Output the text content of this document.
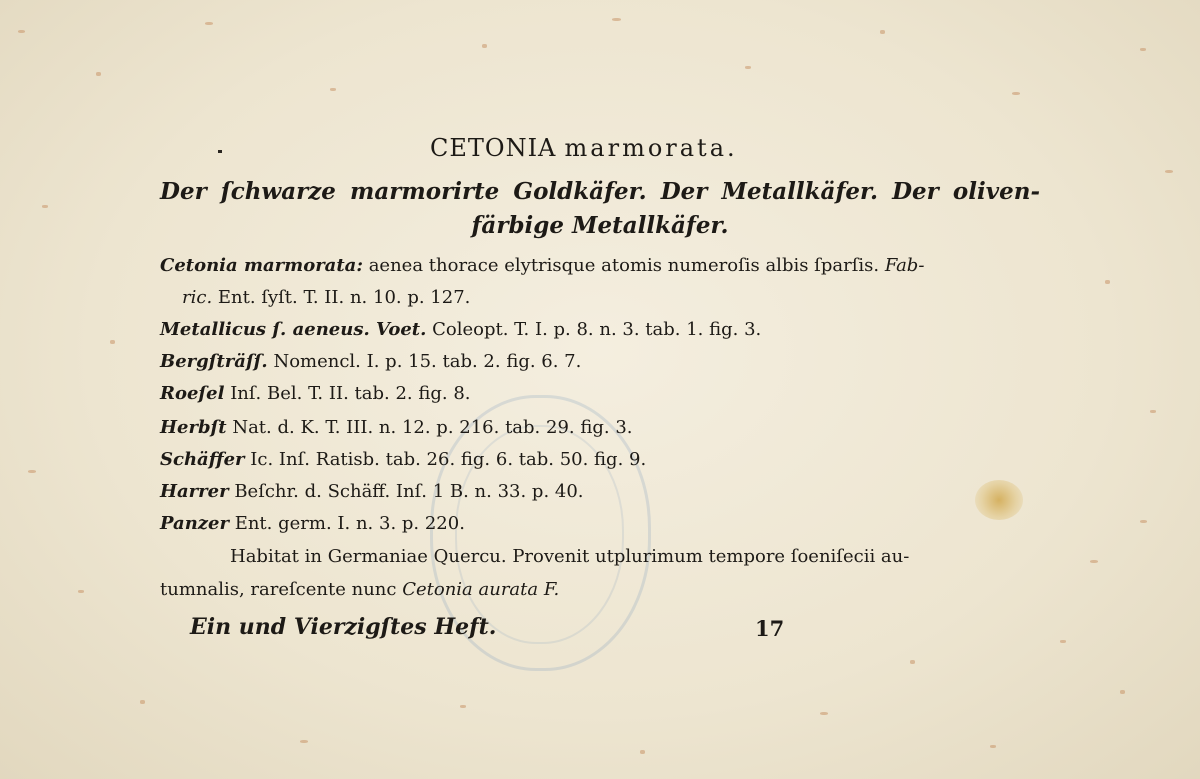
CETONIA marmorata.
Der ſchwarze marmorirte Goldkäfer. Der Metallkäfer. Der oliven-färbige Metallkäfer.
Cetonia marmorata: aenea thorace elytrisque atomis numeroſis albis ſparſis. Fab-
ric. Ent. ſyſt. T. II. n. 10. p. 127.
Metallicus ſ. aeneus. Voet. Coleopt. T. I. p. 8. n. 3. tab. 1. fig. 3.
Bergſträſſ. Nomencl. I. p. 15. tab. 2. fig. 6. 7.
Roeſel Inſ. Bel. T. II. tab. 2. fig. 8.
Herbſt Nat. d. K. T. III. n. 12. p. 216. tab. 29. fig. 3.
Schäffer Ic. Inſ. Ratisb. tab. 26. fig. 6. tab. 50. fig. 9.
Harrer Beſchr. d. Schäff. Inſ. 1 B. n. 33. p. 40.
Panzer Ent. germ. I. n. 3. p. 220.
Habitat in Germaniae Quercu. Provenit utplurimum tempore ſoeniſecii au-
tumnalis, rareſcente nunc Cetonia aurata F.
Ein und Vierzigſtes Heft.	17
